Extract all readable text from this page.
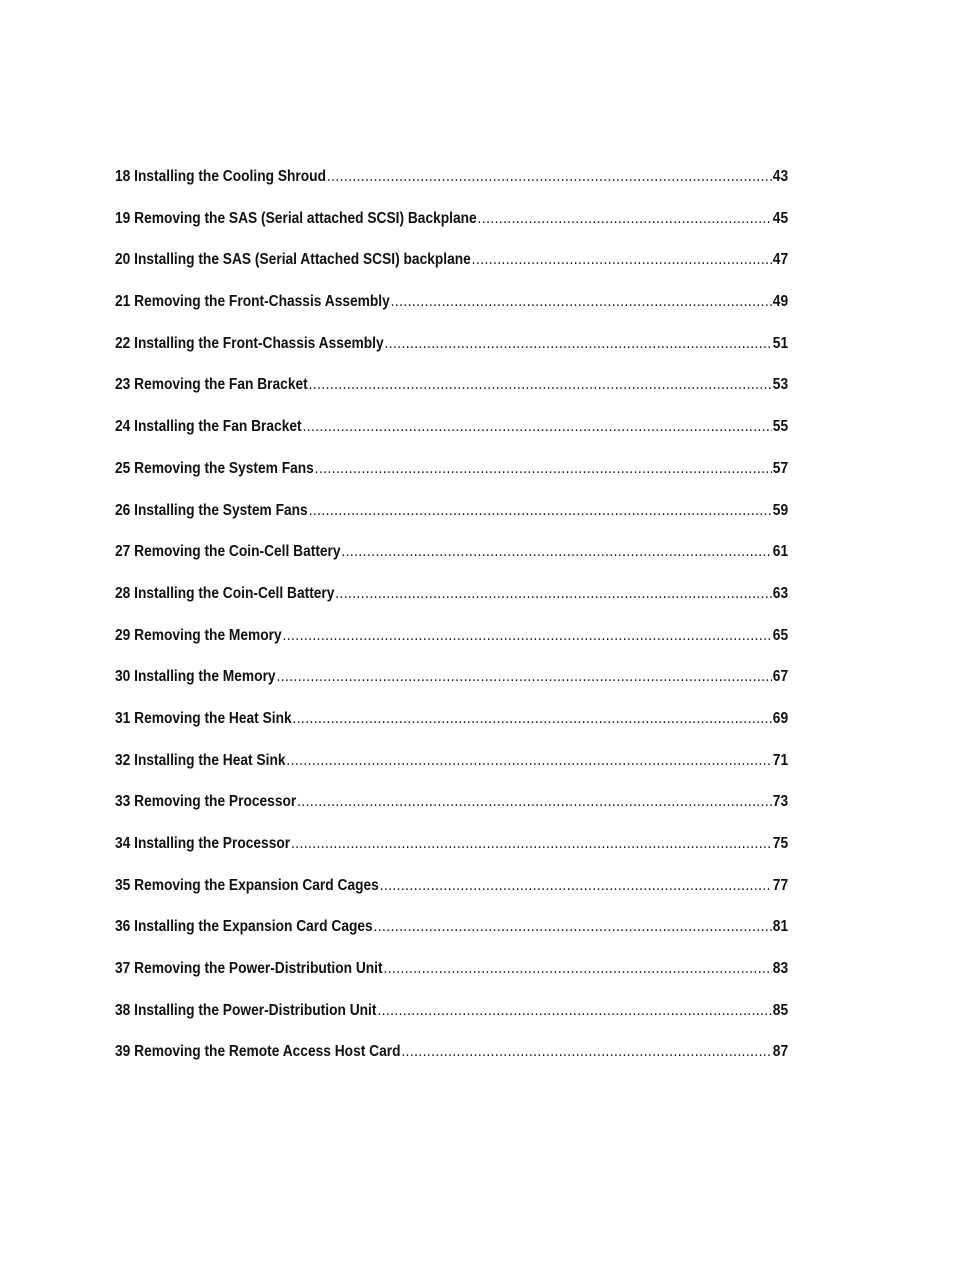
18 Installing the Cooling Shroud .....	43
19 Removing the SAS (Serial attached SCSI) Backplane .....	45
20 Installing the SAS (Serial Attached SCSI) backplane .....	47
21 Removing the Front-Chassis Assembly .....	49
22 Installing the Front-Chassis Assembly .....	51
23 Removing the Fan Bracket .....	53
24 Installing the Fan Bracket .....	55
25 Removing the System Fans .....	57
26 Installing the System Fans .....	59
27 Removing the Coin-Cell Battery .....	61
28 Installing the Coin-Cell Battery .....	63
29 Removing the Memory .....	65
30 Installing the Memory .....	67
31 Removing the Heat Sink .....	69
32 Installing the Heat Sink .....	71
33 Removing the Processor .....	73
34 Installing the Processor .....	75
35 Removing the Expansion Card Cages .....	77
36 Installing the Expansion Card Cages .....	81
37 Removing the Power-Distribution Unit .....	83
38 Installing the Power-Distribution Unit .....	85
39 Removing the Remote Access Host Card .....	87
